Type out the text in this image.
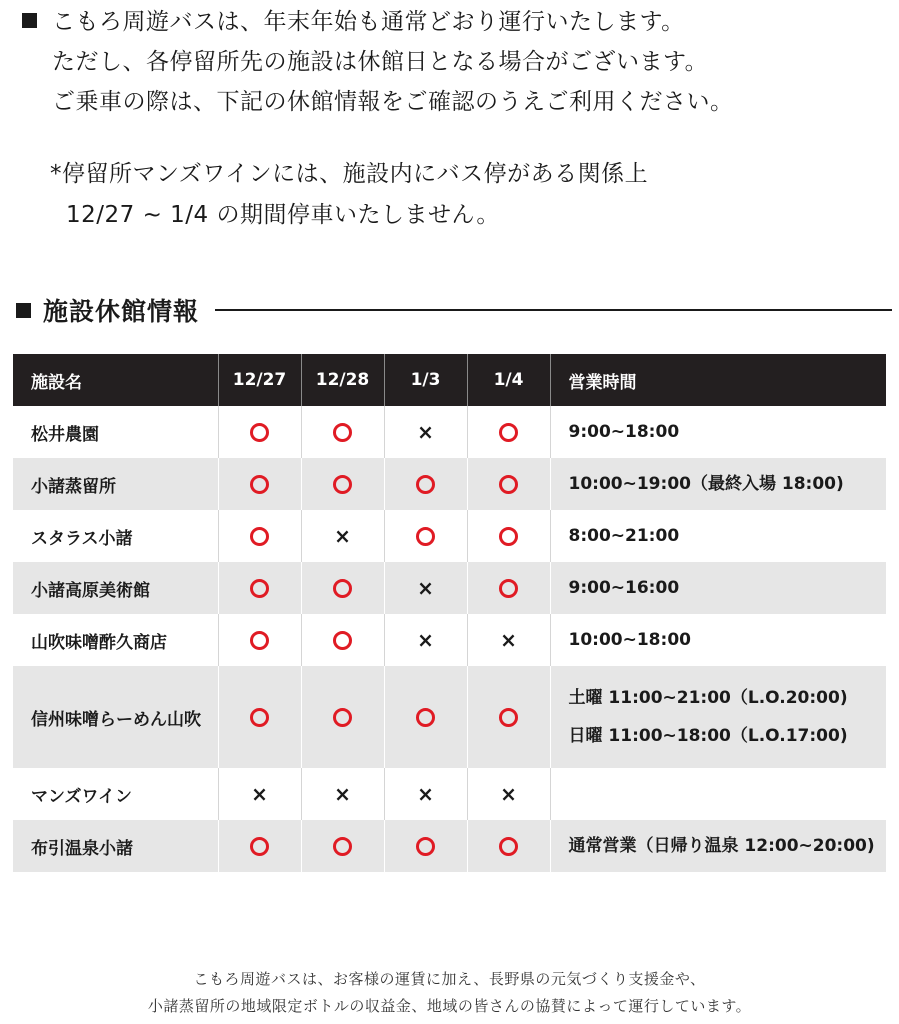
こもろ周遊バスは、年末年始も通常どおり運行いたします。
ただし、各停留所先の施設は休館日となる場合がございます。
ご乗車の際は、下記の休館情報をご確認のうえご利用ください。
*停留所マンズワインには、施設内にバス停がある関係上
12/27 ~ 1/4 の期間停車いたしません。
施設休館情報
施設名	12/27	12/28	1/3	1/4	営業時間
松井農園			×		9:00~18:00

小諸蒸留所					10:00~19:00（最終入場 18:00)

スタラス小諸		×			8:00~21:00

小諸高原美術館			×		9:00~16:00

山吹味噌酢久商店			×	×	10:00~18:00

信州味噌らーめん山吹					土曜 11:00~21:00（L.O.20:00)
日曜 11:00~18:00（L.O.17:00)

マンズワイン	×	×	×	×	
布引温泉小諸					通常営業（日帰り温泉 12:00~20:00)
こもろ周遊バスは、お客様の運賃に加え、長野県の元気づくり支援金や、
小諸蒸留所の地域限定ボトルの収益金、地域の皆さんの協賛によって運行しています。
